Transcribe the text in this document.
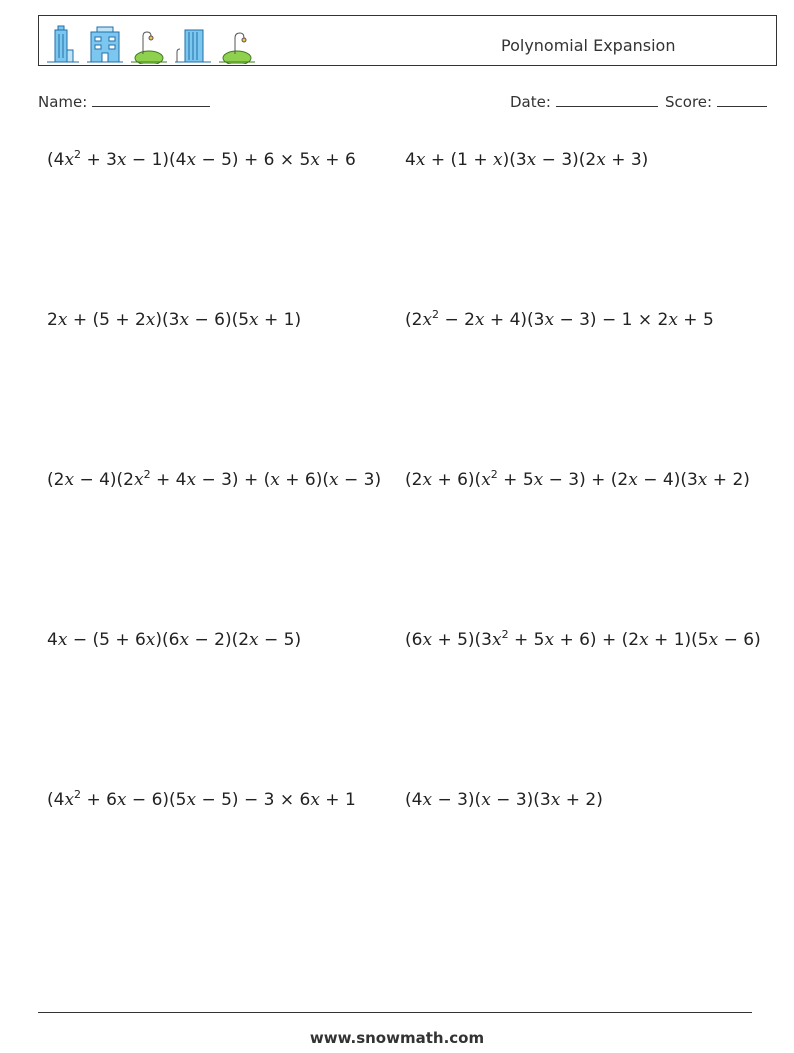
Polynomial Expansion
Name:	Date:	Score:
$(4x^2 + 3x - 1)(4x - 5) + 6 \times 5x + 6$	4x + (1 + x)(3x − 3)(2x + 3)
2x + (5 + 2x)(3x − 6)(5x + 1)	$(2x^2 - 2x + 4)(3x - 3) - 1 \times 2x + 5$
$(2x - 4)(2x^2 + 4x - 3) + (x + 6)(x - 3)$ $(2x + 6)(x^2 + 5x - 3) + (2x - 4)(3x + 2)$
4x − (5 + 6x)(6x − 2)(2x − 5)	$(6x + 5)(3x^2 + 5x + 6) + (2x + 1)(5x - 6)$
$(4x^2 + 6x - 6)(5x - 5) - 3 \times 6x + 1$	(4x − 3)(x − 3)(3x + 2)
www.snowmath.com
